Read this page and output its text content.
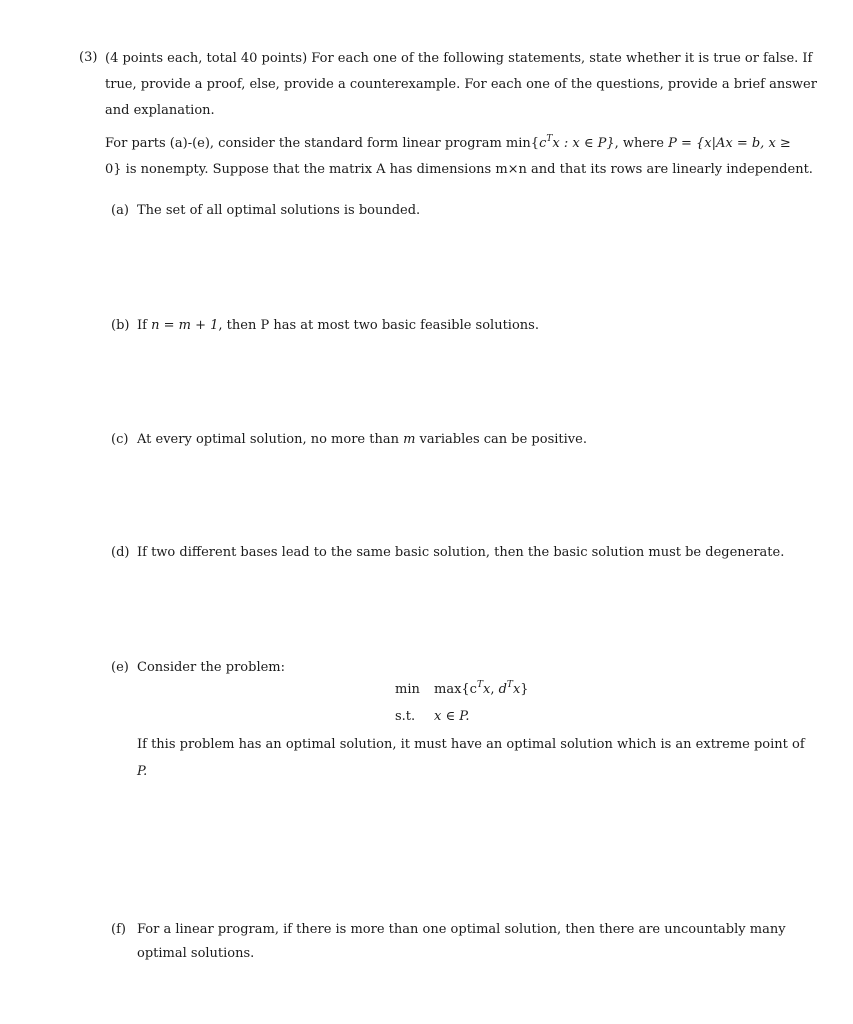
(3) (4 points each, total 40 points) For each one of the following statements, state whether it is true or false. If
true, provide a proof, else, provide a counterexample. For each one of the questions, provide a brief answer
and explanation.
For parts (a)-(e), consider the standard form linear program $\min\{c^Tx$ : x ∈ P}, where P = {x|Ax = b, x ≥
0} is nonempty. Suppose that the matrix A has dimensions m×n and that its rows are linearly independent.
(a) The set of all optimal solutions is bounded.
(b) If n = m + 1, then P has at most two basic feasible solutions.
(c) At every optimal solution, no more than m variables can be positive.
(d) If two different bases lead to the same basic solution, then the basic solution must be degenerate.
(e) Consider the problem:
$\min \max\{c^Tx$, $d^Tx$}
s.t. x ∈ P.
If this problem has an optimal solution, it must have an optimal solution which is an extreme point of
P.
(f) For a linear program, if there is more than one optimal solution, then there are uncountably many
optimal solutions.
